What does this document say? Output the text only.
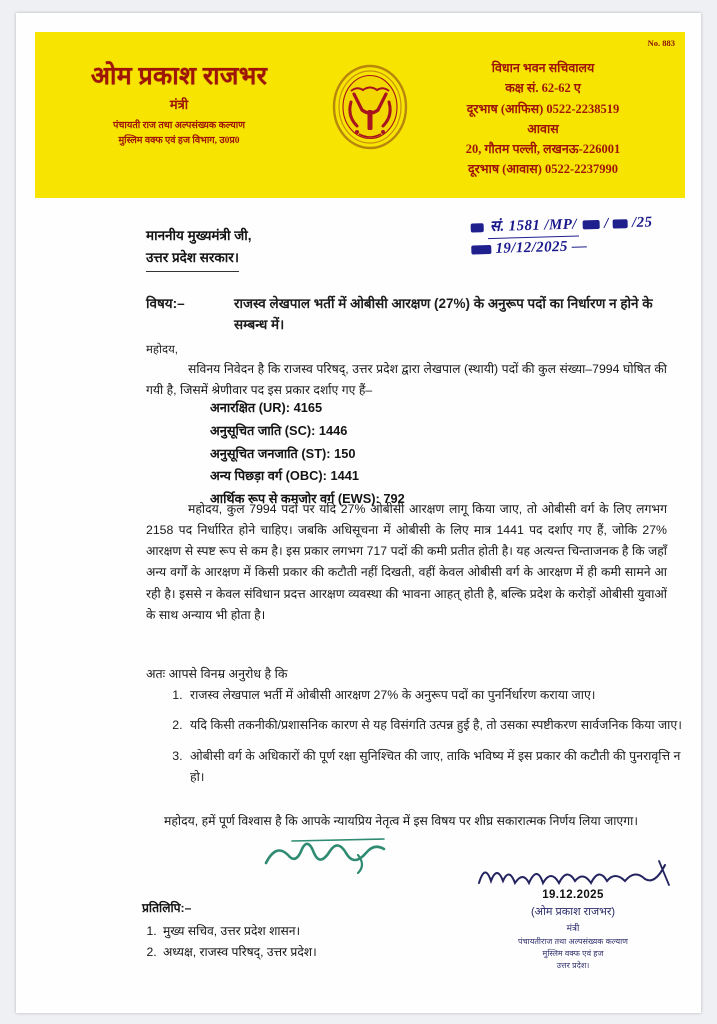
No. 883
ओम प्रकाश राजभर
मंत्री
पंचायती राज तथा अल्पसंख्यक कल्याण
मुस्लिम वक्फ एवं हज विभाग, उ0प्र0
विधान भवन सचिवालय
कक्ष सं. 62-62 ए
दूरभाष (आफिस) 0522-2238519
आवास
20, गौतम पल्ली, लखनऊ-226001
दूरभाष (आवास) 0522-2237990
माननीय मुख्यमंत्री जी,
उत्तर प्रदेश सरकार।
सं. 1581 /MP/ / /25
19/12/2025 —
विषय:–	राजस्व लेखपाल भर्ती में ओबीसी आरक्षण (27%) के अनुरूप पदों का निर्धारण न होने के सम्बन्ध में।
महोदय,
सविनय निवेदन है कि राजस्व परिषद्, उत्तर प्रदेश द्वारा लेखपाल (स्थायी) पदों की कुल संख्या–7994 घोषित की गयी है, जिसमें श्रेणीवार पद इस प्रकार दर्शाए गए हैं–
अनारक्षित (UR): 4165
अनुसूचित जाति (SC): 1446
अनुसूचित जनजाति (ST): 150
अन्य पिछड़ा वर्ग (OBC): 1441
आर्थिक रूप से कमजोर वर्ग (EWS): 792
महोदय, कुल 7994 पदों पर यदि 27% ओबीसी आरक्षण लागू किया जाए, तो ओबीसी वर्ग के लिए लगभग 2158 पद निर्धारित होने चाहिए। जबकि अधिसूचना में ओबीसी के लिए मात्र 1441 पद दर्शाए गए हैं, जोकि 27% आरक्षण से स्पष्ट रूप से कम है। इस प्रकार लगभग 717 पदों की कमी प्रतीत होती है। यह अत्यन्त चिन्ताजनक है कि जहाँ अन्य वर्गों के आरक्षण में किसी प्रकार की कटौती नहीं दिखती, वहीं केवल ओबीसी वर्ग के आरक्षण में ही कमी सामने आ रही है। इससे न केवल संविधान प्रदत्त आरक्षण व्यवस्था की भावना आहत् होती है, बल्कि प्रदेश के करोड़ों ओबीसी युवाओं के साथ अन्याय भी होता है।
अतः आपसे विनम्र अनुरोध है कि
1. राजस्व लेखपाल भर्ती में ओबीसी आरक्षण 27% के अनुरूप पदों का पुनर्निर्धारण कराया जाए।
2. यदि किसी तकनीकी/प्रशासनिक कारण से यह विसंगति उत्पन्न हुई है, तो उसका स्पष्टीकरण सार्वजनिक किया जाए।
3. ओबीसी वर्ग के अधिकारों की पूर्ण रक्षा सुनिश्चित की जाए, ताकि भविष्य में इस प्रकार की कटौती की पुनरावृत्ति न हो।
महोदय, हमें पूर्ण विश्वास है कि आपके न्यायप्रिय नेतृत्व में इस विषय पर शीघ्र सकारात्मक निर्णय लिया जाएगा।
19.12.2025
(ओम प्रकाश राजभर)
मंत्री
पंचायतीराज तथा अल्पसंख्यक कल्याण
मुस्लिम वक्फ एवं हज
उत्तर प्रदेश।
प्रतिलिपि:–
1. मुख्य सचिव, उत्तर प्रदेश शासन।
2. अध्यक्ष, राजस्व परिषद्, उत्तर प्रदेश।
